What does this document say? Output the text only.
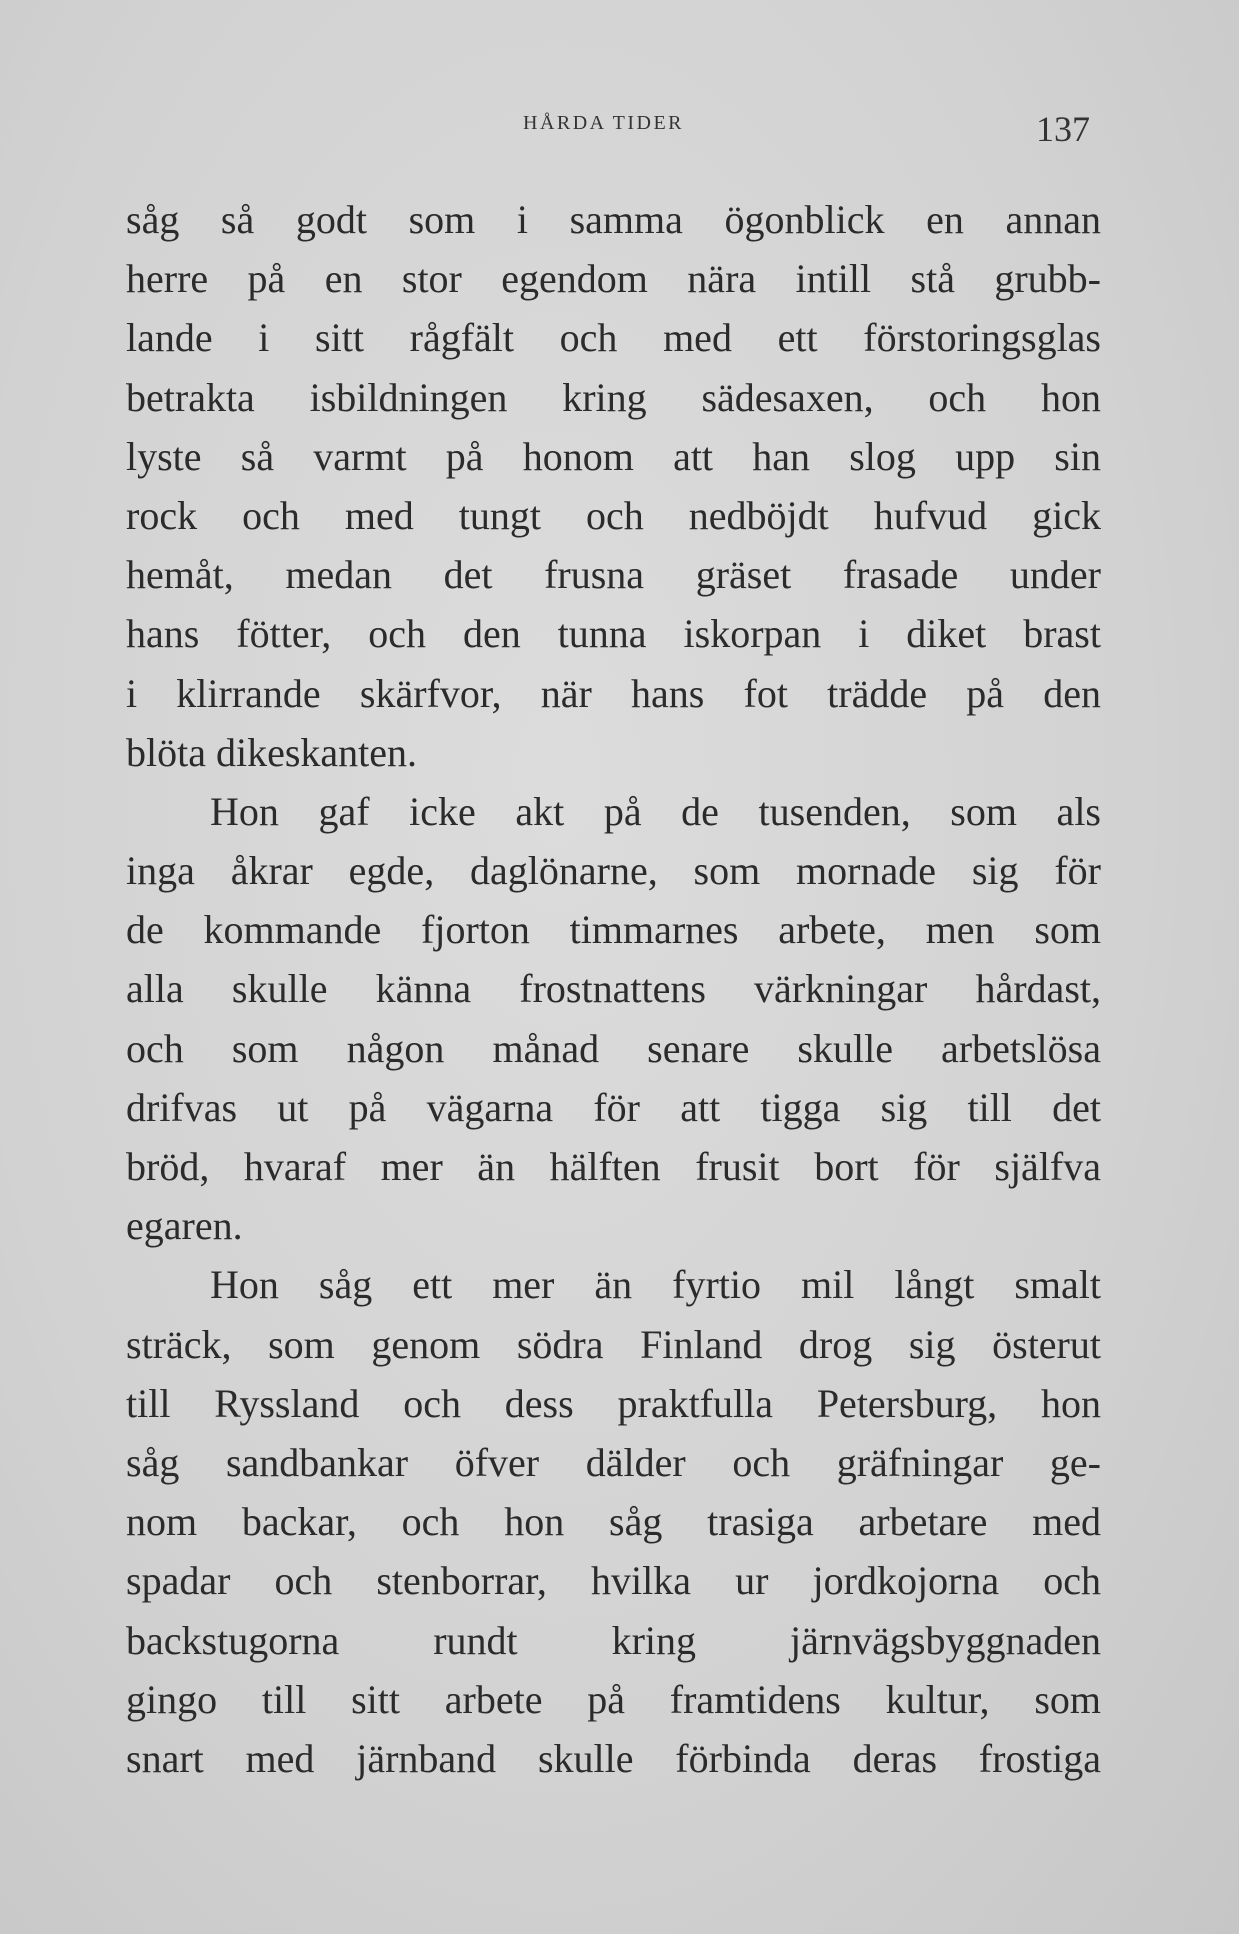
HÅRDA TIDER	137
såg så godt som i samma ögonblick en annan
herre på en stor egendom nära intill stå grubb-
lande i sitt rågfält och med ett förstoringsglas
betrakta isbildningen kring sädesaxen, och hon
lyste så varmt på honom att han slog upp sin
rock och med tungt och nedböjdt hufvud gick
hemåt, medan det frusna gräset frasade under
hans fötter, och den tunna iskorpan i diket brast
i klirrande skärfvor, när hans fot trädde på den
blöta dikeskanten.
Hon gaf icke akt på de tusenden, som als
inga åkrar egde, daglönarne, som mornade sig för
de kommande fjorton timmarnes arbete, men som
alla skulle känna frostnattens värkningar hårdast,
och som någon månad senare skulle arbetslösa
drifvas ut på vägarna för att tigga sig till det
bröd, hvaraf mer än hälften frusit bort för själfva
egaren.
Hon såg ett mer än fyrtio mil långt smalt
sträck, som genom södra Finland drog sig österut
till Ryssland och dess praktfulla Petersburg, hon
såg sandbankar öfver dälder och gräfningar ge-
nom backar, och hon såg trasiga arbetare med
spadar och stenborrar, hvilka ur jordkojorna och
backstugorna rundt kring järnvägsbyggnaden
gingo till sitt arbete på framtidens kultur, som
snart med järnband skulle förbinda deras frostiga
